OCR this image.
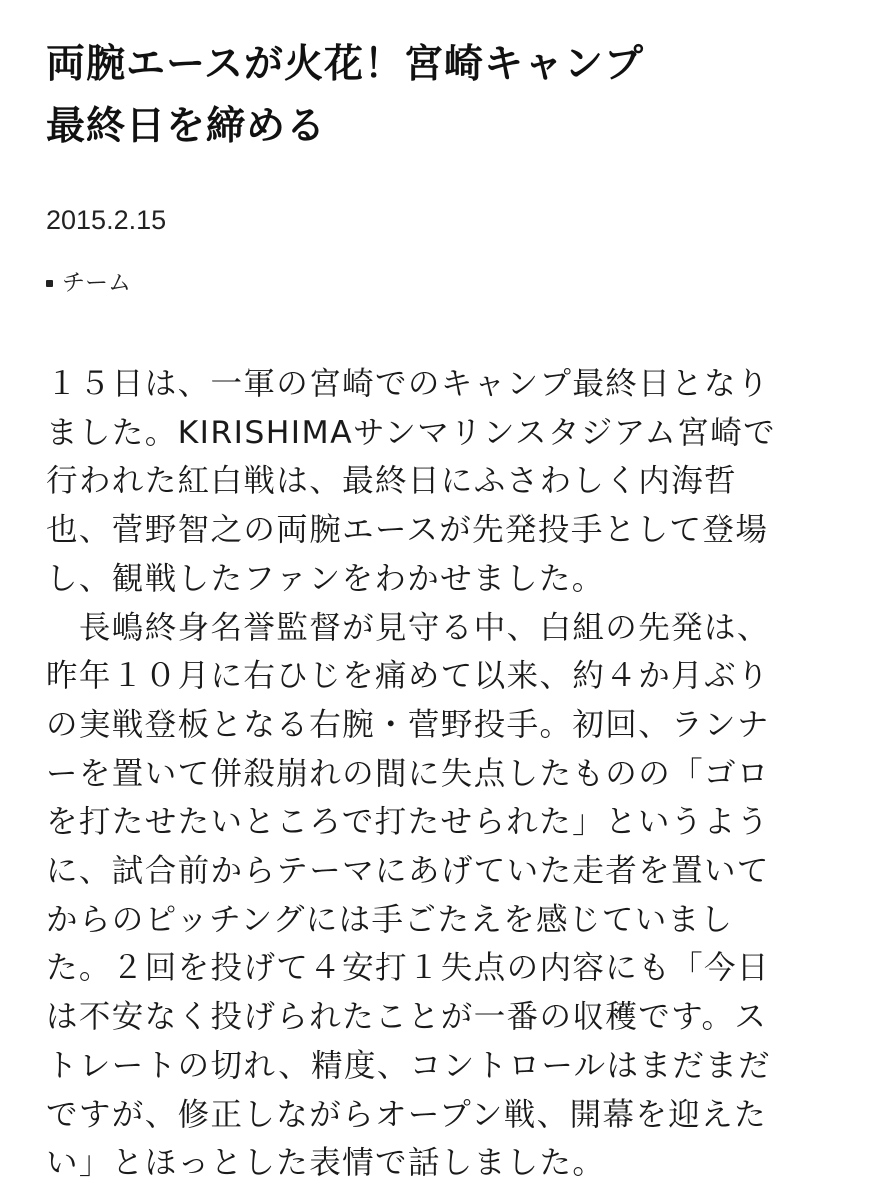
両腕エースが火花！宮崎キャンプ
最終日を締める
2015.2.15
チーム
１５日は、一軍の宮崎でのキャンプ最終日となり
ました。KIRISHIMAサンマリンスタジアム宮崎で
行われた紅白戦は、最終日にふさわしく内海哲
也、菅野智之の両腕エースが先発投手として登場
し、観戦したファンをわかせました。
　長嶋終身名誉監督が見守る中、白組の先発は、
昨年１０月に右ひじを痛めて以来、約４か月ぶり
の実戦登板となる右腕・菅野投手。初回、ランナ
ーを置いて併殺崩れの間に失点したものの「ゴロ
を打たせたいところで打たせられた」というよう
に、試合前からテーマにあげていた走者を置いて
からのピッチングには手ごたえを感じていまし
た。２回を投げて４安打１失点の内容にも「今日
は不安なく投げられたことが一番の収穫です。ス
トレートの切れ、精度、コントロールはまだまだ
ですが、修正しながらオープン戦、開幕を迎えた
い」とほっとした表情で話しました。
